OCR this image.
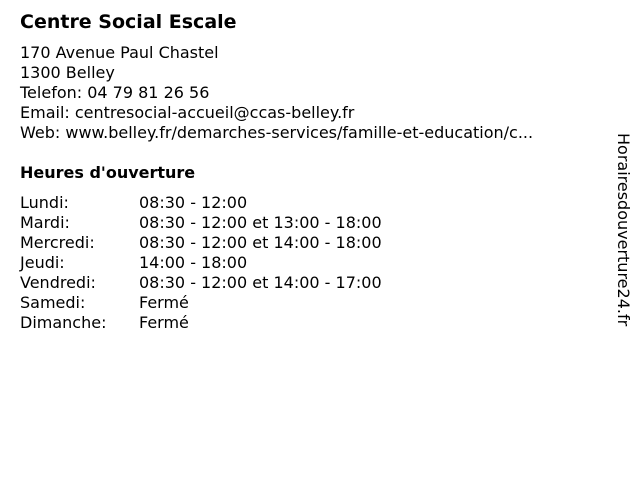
Centre Social Escale
170 Avenue Paul Chastel
1300 Belley
Telefon: 04 79 81 26 56
Email: centresocial-accueil@ccas-belley.fr
Web: www.belley.fr/demarches-services/famille-et-education/c...
Heures d'ouverture
Lundi:	08:30 - 12:00
Mardi:	08:30 - 12:00 et 13:00 - 18:00
Mercredi:	08:30 - 12:00 et 14:00 - 18:00
Jeudi:	14:00 - 18:00
Vendredi:	08:30 - 12:00 et 14:00 - 17:00
Samedi:	Fermé
Dimanche:	Fermé	Horairesdouverture24.fr
